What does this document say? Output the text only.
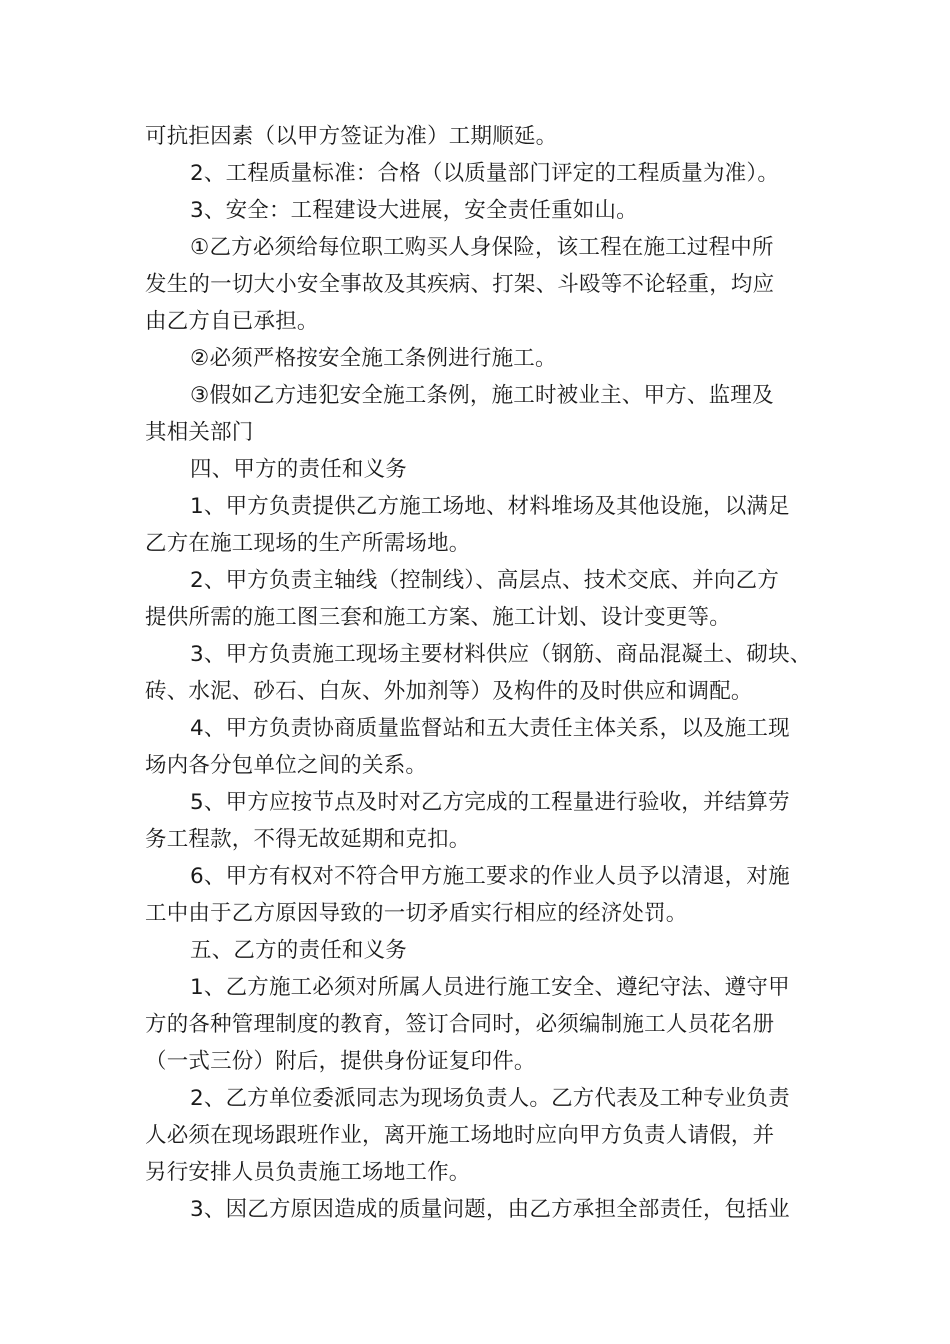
可抗拒因素（以甲方签证为准）工期顺延。
2、工程质量标准：合格（以质量部门评定的工程质量为准）。
3、安全：工程建设大进展，安全责任重如山。
①乙方必须给每位职工购买人身保险，该工程在施工过程中所
发生的一切大小安全事故及其疾病、打架、斗殴等不论轻重，均应
由乙方自已承担。
②必须严格按安全施工条例进行施工。
③假如乙方违犯安全施工条例，施工时被业主、甲方、监理及
其相关部门
四、甲方的责任和义务
1、甲方负责提供乙方施工场地、材料堆场及其他设施，以满足
乙方在施工现场的生产所需场地。
2、甲方负责主轴线（控制线）、高层点、技术交底、并向乙方
提供所需的施工图三套和施工方案、施工计划、设计变更等。
3、甲方负责施工现场主要材料供应（钢筋、商品混凝土、砌块、
砖、水泥、砂石、白灰、外加剂等）及构件的及时供应和调配。
4、甲方负责协商质量监督站和五大责任主体关系，以及施工现
场内各分包单位之间的关系。
5、甲方应按节点及时对乙方完成的工程量进行验收，并结算劳
务工程款，不得无故延期和克扣。
6、甲方有权对不符合甲方施工要求的作业人员予以清退，对施
工中由于乙方原因导致的一切矛盾实行相应的经济处罚。
五、乙方的责任和义务
1、乙方施工必须对所属人员进行施工安全、遵纪守法、遵守甲
方的各种管理制度的教育，签订合同时，必须编制施工人员花名册
（一式三份）附后，提供身份证复印件。
2、乙方单位委派同志为现场负责人。乙方代表及工种专业负责
人必须在现场跟班作业，离开施工场地时应向甲方负责人请假，并
另行安排人员负责施工场地工作。
3、因乙方原因造成的质量问题，由乙方承担全部责任，包括业
